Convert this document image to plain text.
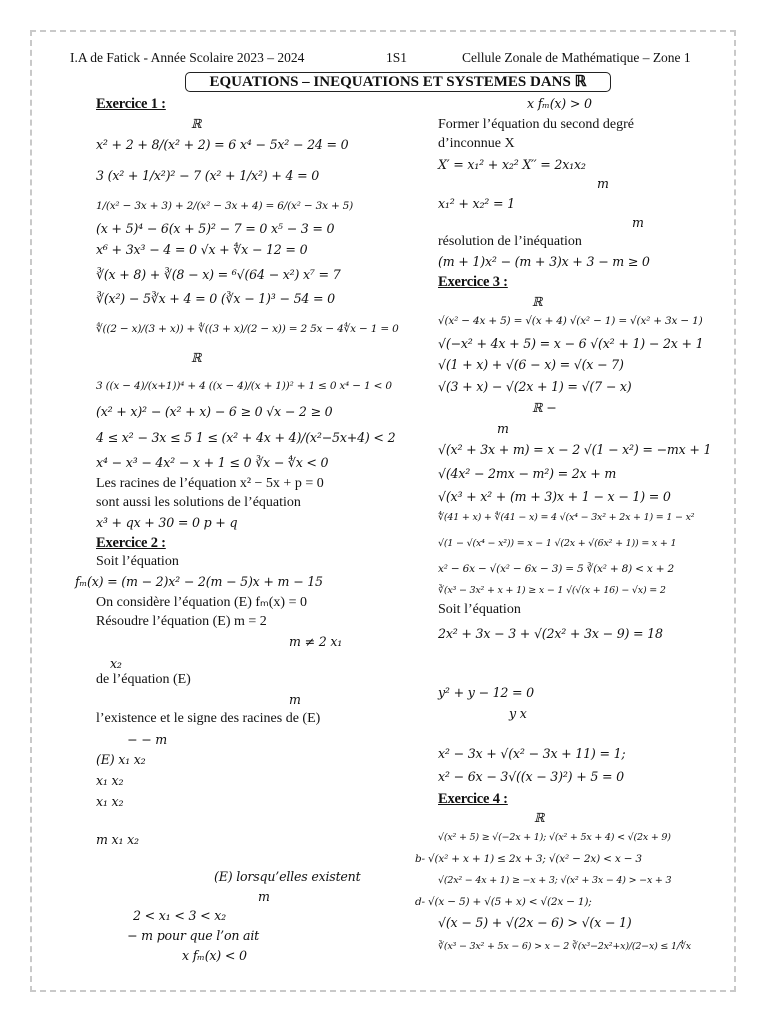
I.A de Fatick - Année Scolaire 2023 – 2024	1S1	Cellule Zonale de Mathématique – Zone 1
EQUATIONS – INEQUATIONS ET SYSTEMES DANS ℝ
Exercice 1 :
ℝ
x² + 2 + 8/(x² + 2) = 6 x⁴ − 5x² − 24 = 0
3 (x² + 1/x²)² − 7 (x² + 1/x²) + 4 = 0
1/(x² − 3x + 3) + 2/(x² − 3x + 4) = 6/(x² − 3x + 5)
(x + 5)⁴ − 6(x + 5)² − 7 = 0 x⁵ − 3 = 0
x⁶ + 3x³ − 4 = 0 √x + ∜x − 12 = 0
∛(x + 8) + ∛(8 − x) = ⁶√(64 − x²) x⁷ = 7
∛(x²) − 5∛x + 4 = 0 (∛x − 1)³ − 54 = 0
∜((2 − x)/(3 + x)) + ∜((3 + x)/(2 − x)) = 2 5x − 4∜x − 1 = 0
ℝ
3 ((x − 4)/(x+1))⁴ + 4 ((x − 4)/(x + 1))² + 1 ≤ 0 x⁴ − 1 < 0
(x² + x)² − (x² + x) − 6 ≥ 0 √x − 2 ≥ 0
4 ≤ x² − 3x ≤ 5 1 ≤ (x² + 4x + 4)/(x²−5x+4) < 2
x⁴ − x³ − 4x² − x + 1 ≤ 0 ∛x − ∜x < 0
Les racines de l’équation x² − 5x + p = 0
sont aussi les solutions de l’équation
x³ + qx + 30 = 0 p + q
Exercice 2 :
Soit l’équation
fₘ(x) = (m − 2)x² − 2(m − 5)x + m − 15
On considère l’équation (E) fₘ(x) = 0
Résoudre l’équation (E) m = 2
m ≠ 2 x₁
x₂
de l’équation (E)
m
l’existence et le signe des racines de (E)
− − m
(E) x₁ x₂
x₁ x₂
x₁ x₂
m x₁ x₂
(E) lorsqu’elles existent
m
2 < x₁ < 3 < x₂
− m pour que l’on ait
x fₘ(x) < 0
x fₘ(x) > 0
Former l’équation du second degré
d’inconnue X
X′ = x₁² + x₂² X′′ = 2x₁x₂
m
x₁² + x₂² = 1
m
résolution de l’inéquation
(m + 1)x² − (m + 3)x + 3 − m ≥ 0
Exercice 3 :
ℝ
√(x² − 4x + 5) = √(x + 4) √(x² − 1) = √(x² + 3x − 1)
√(−x² + 4x + 5) = x − 6 √(x² + 1) − 2x + 1
√(1 + x) + √(6 − x) = √(x − 7)
√(3 + x) − √(2x + 1) = √(7 − x)
ℝ −
m
√(x² + 3x + m) = x − 2 √(1 − x²) = −mx + 1
√(4x² − 2mx − m²) = 2x + m
√(x³ + x² + (m + 3)x + 1 − x − 1) = 0
∜(41 + x) + ∜(41 − x) = 4 √(x⁴ − 3x² + 2x + 1) = 1 − x²
√(1 − √(x⁴ − x²)) = x − 1 √(2x + √(6x² + 1)) = x + 1
x² − 6x − √(x² − 6x − 3) = 5 ∛(x² + 8) < x + 2
∛(x³ − 3x² + x + 1) ≥ x − 1 √(√(x + 16) − √x) = 2
Soit l’équation
2x² + 3x − 3 + √(2x² + 3x − 9) = 18
y² + y − 12 = 0
y x
x² − 3x + √(x² − 3x + 11) = 1;
x² − 6x − 3√((x − 3)²) + 5 = 0
Exercice 4 :
ℝ
√(x² + 5) ≥ √(−2x + 1); √(x² + 5x + 4) < √(2x + 9)
b- √(x² + x + 1) ≤ 2x + 3; √(x² − 2x) < x − 3
√(2x² − 4x + 1) ≥ −x + 3; √(x² + 3x − 4) > −x + 3
d- √(x − 5) + √(5 + x) < √(2x − 1);
√(x − 5) + √(2x − 6) > √(x − 1)
∛(x³ − 3x² + 5x − 6) > x − 2 ∛(x³−2x²+x)/(2−x) ≤ 1/∜x
